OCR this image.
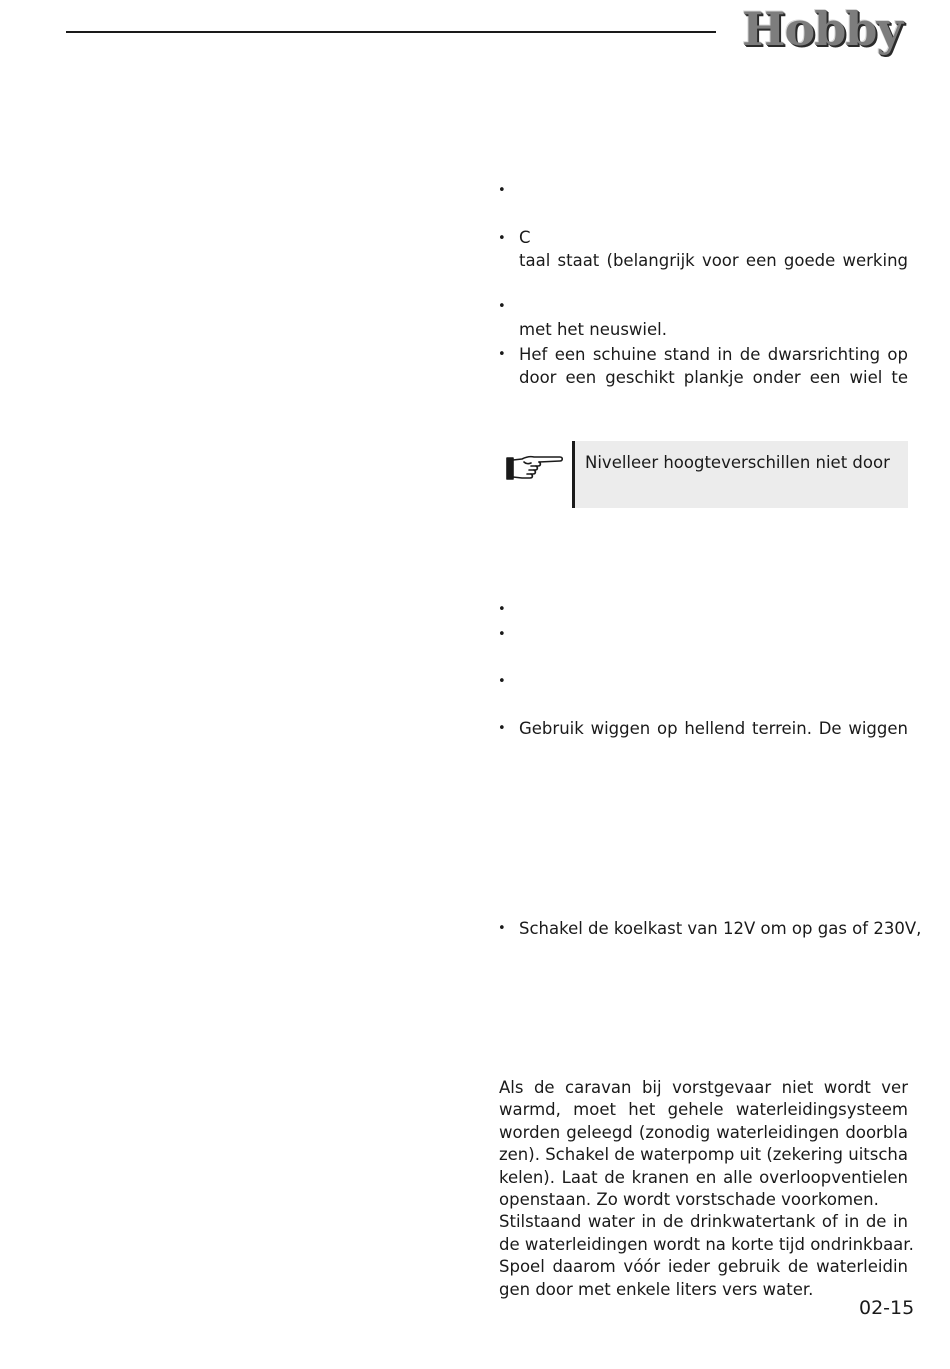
Hobby
•
• C
taal staat (belangrijk voor een goede werking
•
met het neuswiel.
• Hef een schuine stand in de dwarsrichting op
door een geschikt plankje onder een wiel te
Nivelleer hoogteverschillen niet door
•
•
•
• Gebruik wiggen op hellend terrein. De wiggen
• Schakel de koelkast van 12V om op gas of 230V,
Als de caravan bij vorstgevaar niet wordt ver
warmd, moet het gehele waterleidingsysteem
worden geleegd (zonodig waterleidingen doorbla
zen). Schakel de waterpomp uit (zekering uitscha
kelen). Laat de kranen en alle overloopventielen
openstaan. Zo wordt vorstschade voorkomen.
Stilstaand water in de drinkwatertank of in de in
de waterleidingen wordt na korte tijd ondrinkbaar.
Spoel daarom vóór ieder gebruik de waterleidin
gen door met enkele liters vers water.
02-15
